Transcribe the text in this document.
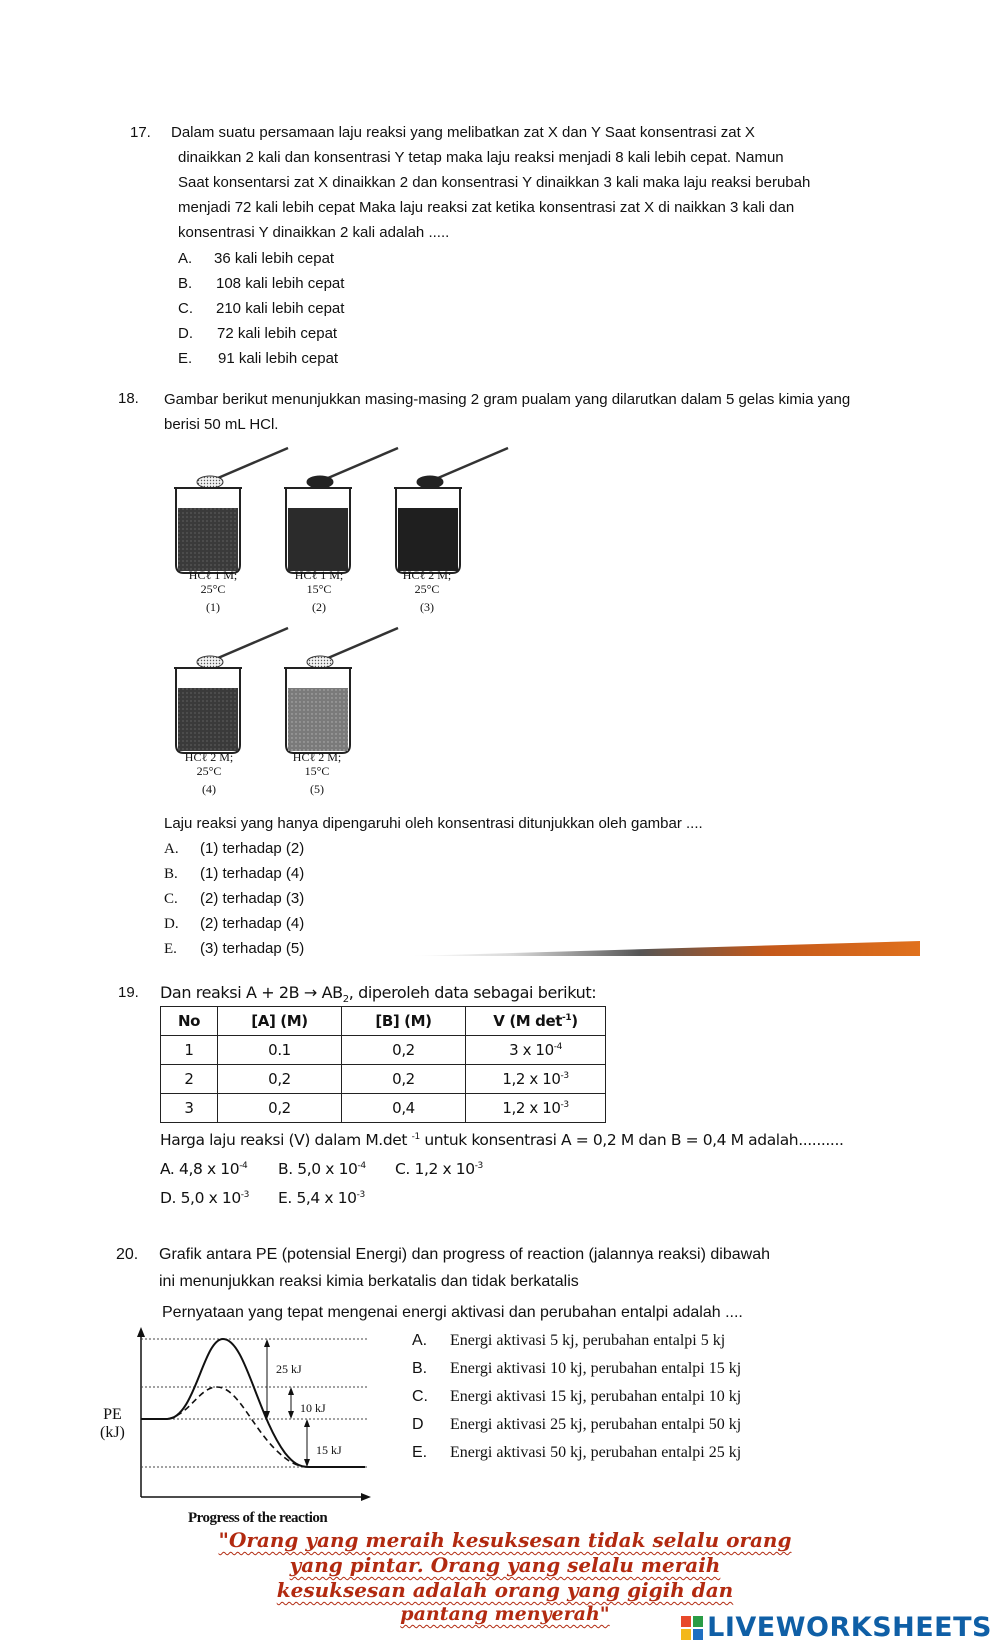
17. Dalam suatu persamaan laju reaksi yang melibatkan zat X dan Y Saat konsentrasi zat X
dinaikkan 2 kali dan konsentrasi Y tetap maka laju reaksi menjadi 8 kali lebih cepat. Namun
Saat konsentarsi zat X dinaikkan 2 dan konsentrasi Y dinaikkan 3 kali maka laju reaksi berubah
menjadi 72 kali lebih cepat Maka laju reaksi zat ketika konsentrasi zat X di naikkan 3 kali dan
konsentrasi Y dinaikkan 2 kali adalah .....
A. 36 kali lebih cepat
B. 108 kali lebih cepat
C. 210 kali lebih cepat
D. 72 kali lebih cepat
E. 91 kali lebih cepat
18. Gambar berikut menunjukkan masing-masing 2 gram pualam yang dilarutkan dalam 5 gelas kimia yang
berisi 50 mL HCl.
HCℓ 1 M;
25°C
(1)
HCℓ 1 M;
15°C
(2)
HCℓ 2 M;
25°C
(3)
HCℓ 2 M;
25°C
(4)
HCℓ 2 M;
15°C
(5)
Laju reaksi yang hanya dipengaruhi oleh konsentrasi ditunjukkan oleh gambar ....
A. (1) terhadap (2)
B. (1) terhadap (4)
C. (2) terhadap (3)
D. (2) terhadap (4)
E. (3) terhadap (5)
19. Dan reaksi $A + 2B \to AB_2$, diperoleh data sebagai berikut:
No	[A] (M)	[B] (M)	V (M $\det^{-1}$)
1	0.1	0,2	3 x $10^{-4}$
2	0,2	0,2	1,2 x $10^{-3}$
3	0,2	0,4	1,2 x $10^{-3}$
Harga laju reaksi (V) dalam M.det $^{-1}$ untuk konsentrasi A = 0,2 M dan B = 0,4 M adalah..........
A. 4,8 x $10^{-4}$ B. 5,0 x $10^{-4}$ C. 1,2 x $10^{-3}$
D. 5,0 x $10^{-3}$ E. 5,4 x $10^{-3}$
20. Grafik antara PE (potensial Energi) dan progress of reaction (jalannya reaksi) dibawah
ini menunjukkan reaksi kimia berkatalis dan tidak berkatalis
Pernyataan yang tepat mengenai energi aktivasi dan perubahan entalpi adalah ....
25 kJ
10 kJ
15 kJ
PE
(kJ)
Progress of the reaction
A. Energi aktivasi 5 kj, perubahan entalpi 5 kj
B. Energi aktivasi 10 kj, perubahan entalpi 15 kj
C. Energi aktivasi 15 kj, perubahan entalpi 10 kj
D Energi aktivasi 25 kj, perubahan entalpi 50 kj
E. Energi aktivasi 50 kj, perubahan entalpi 25 kj
"Orang yang meraih kesuksesan tidak selalu orang
yang pintar. Orang yang selalu meraih
kesuksesan adalah orang yang gigih dan
pantang menyerah"	LIVEWORKSHEETS
